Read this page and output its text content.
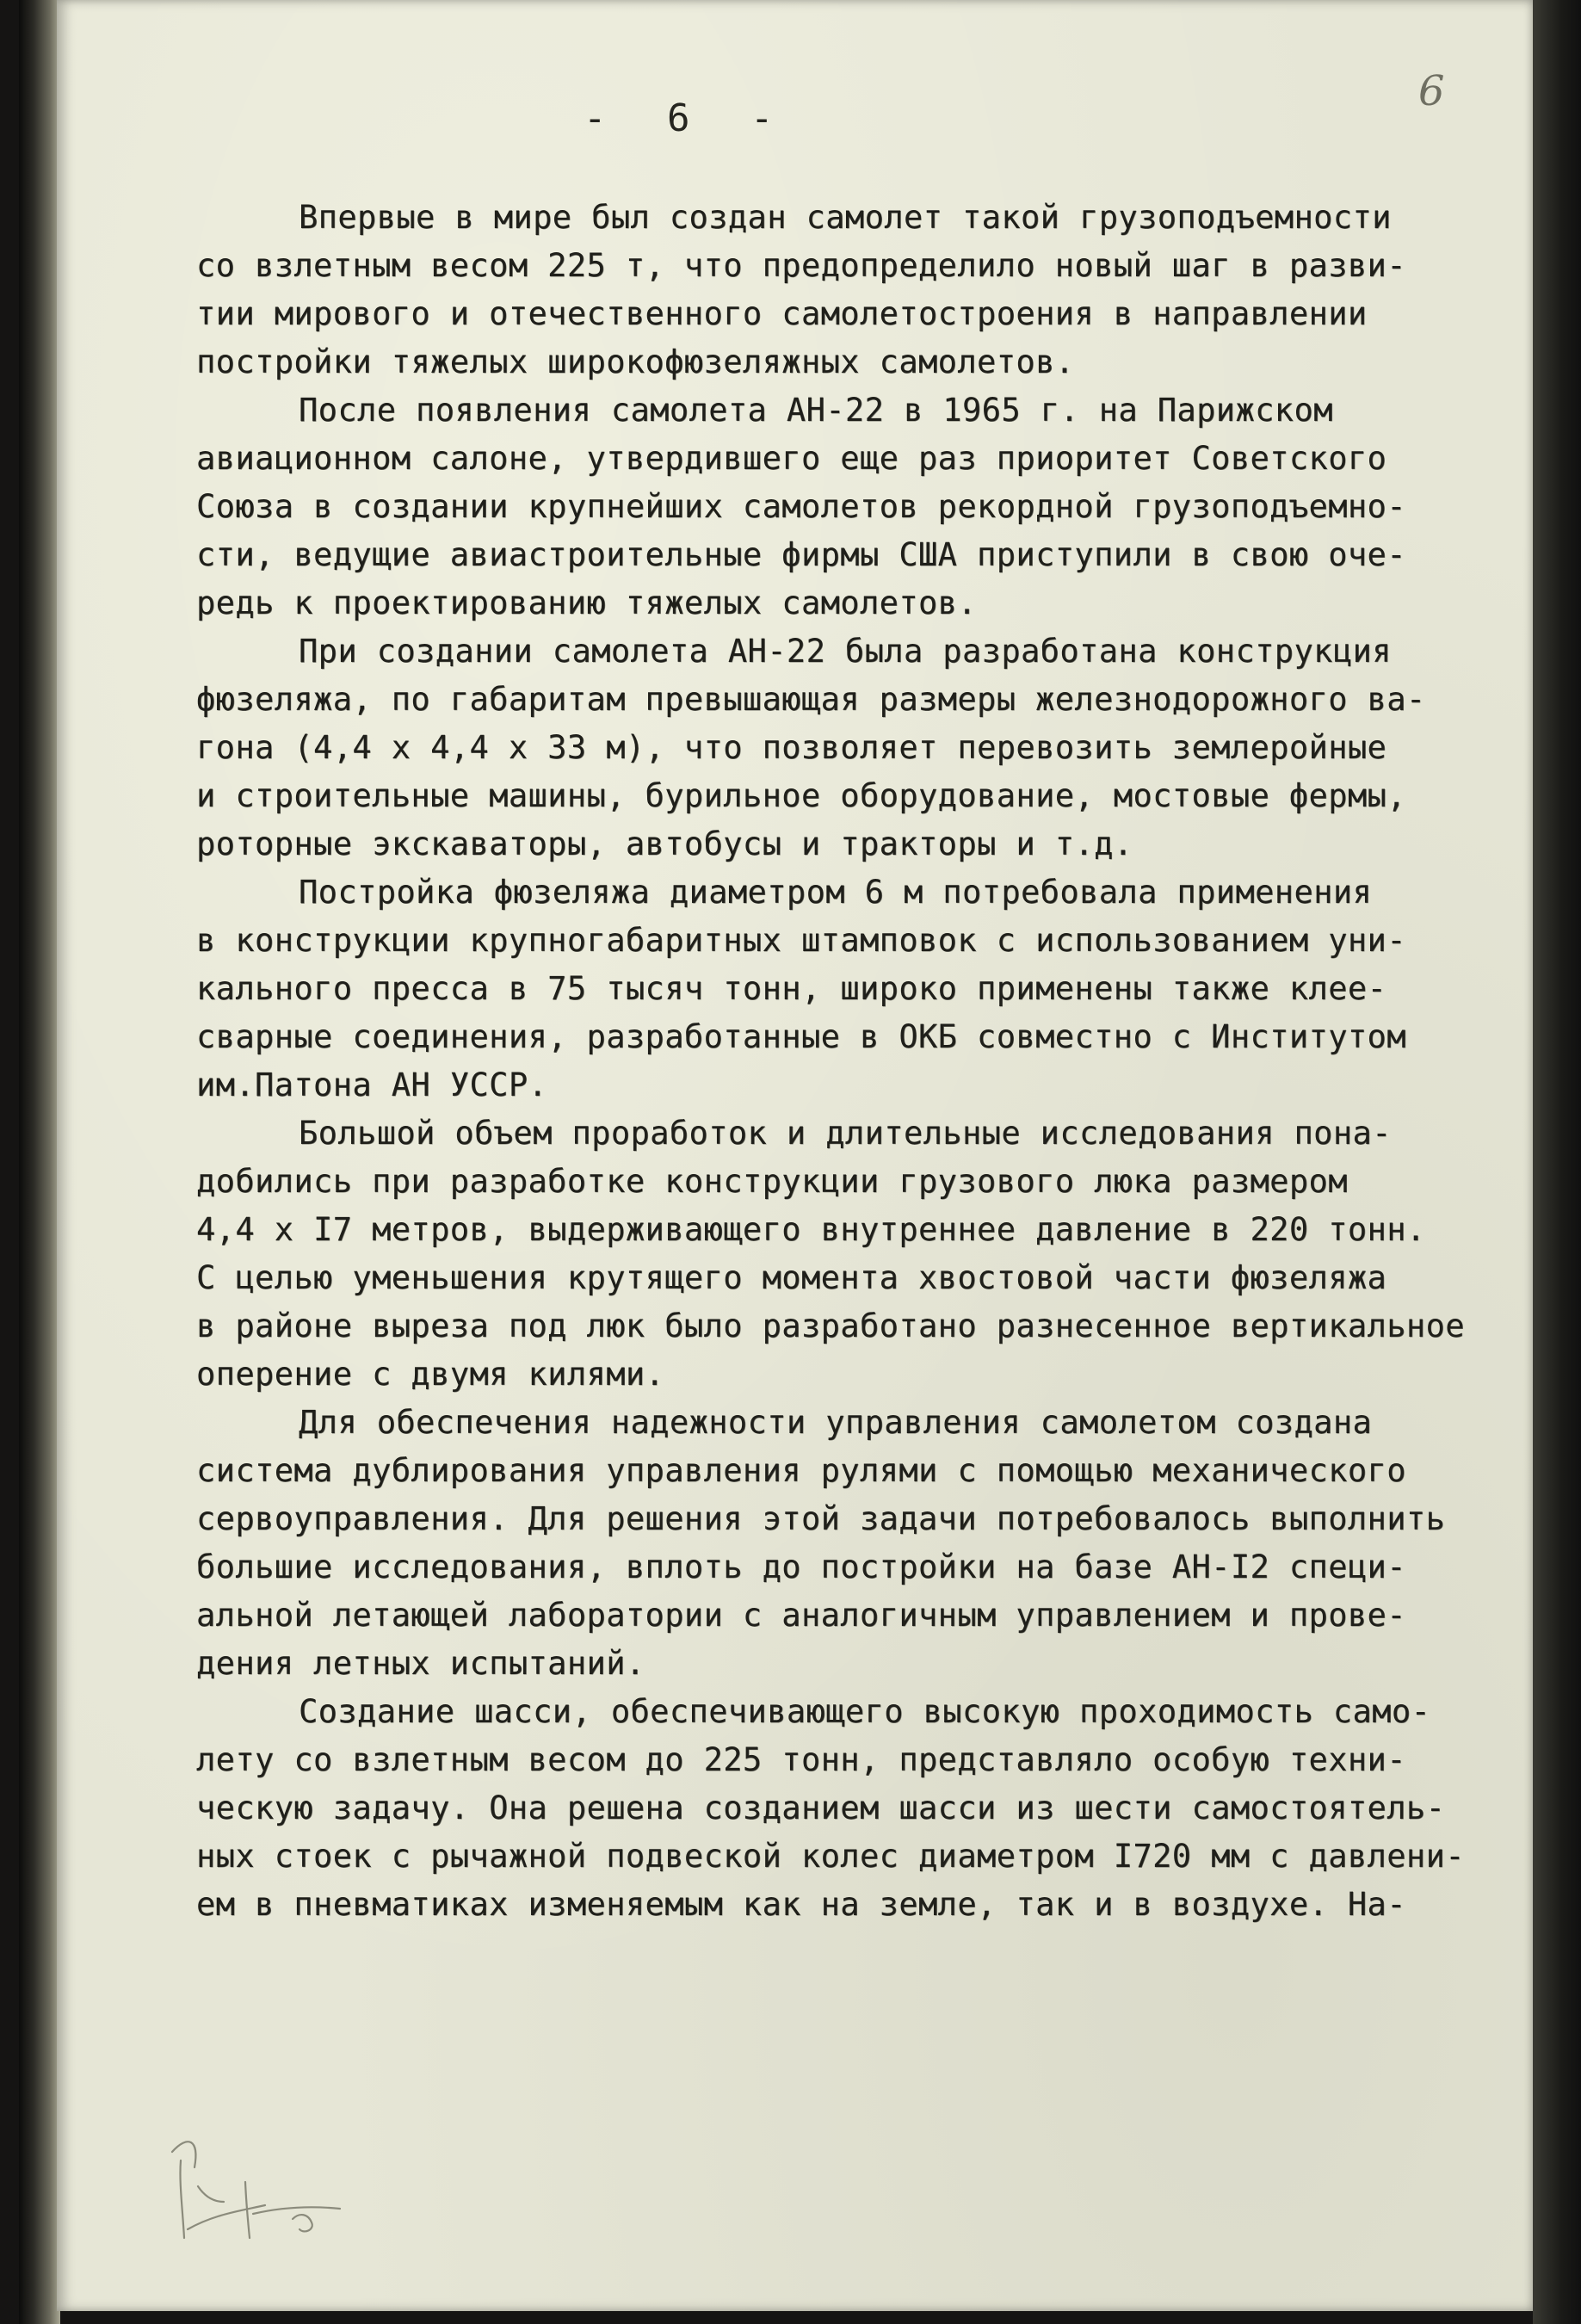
- 6 -
6
Впервые в мире был создан самолет такой грузоподъемности
со взлетным весом 225 т, что предопределило новый шаг в разви-
тии мирового и отечественного самолетостроения в направлении
постройки тяжелых широкофюзеляжных самолетов.
После появления самолета АН-22 в 1965 г. на Парижском
авиационном салоне, утвердившего еще раз приоритет Советского
Союза в создании крупнейших самолетов рекордной грузоподъемно-
сти, ведущие авиастроительные фирмы США приступили в свою оче-
редь к проектированию тяжелых самолетов.
При создании самолета АН-22 была разработана конструкция
фюзеляжа, по габаритам превышающая размеры железнодорожного ва-
гона (4,4 х 4,4 х 33 м), что позволяет перевозить землеройные
и строительные машины, бурильное оборудование, мостовые фермы,
роторные экскаваторы, автобусы и тракторы и т.д.
Постройка фюзеляжа диаметром 6 м потребовала применения
в конструкции крупногабаритных штамповок с использованием уни-
кального пресса в 75 тысяч тонн, широко применены также клее-
сварные соединения, разработанные в ОКБ совместно с Институтом
им.Патона АН УССР.
Большой объем проработок и длительные исследования пона-
добились при разработке конструкции грузового люка размером
4,4 х I7 метров, выдерживающего внутреннее давление в 220 тонн.
С целью уменьшения крутящего момента хвостовой части фюзеляжа
в районе выреза под люк было разработано разнесенное вертикальное
оперение с двумя килями.
Для обеспечения надежности управления самолетом создана
система дублирования управления рулями с помощью механического
сервоуправления. Для решения этой задачи потребовалось выполнить
большие исследования, вплоть до постройки на базе АН-I2 специ-
альной летающей лаборатории с аналогичным управлением и прове-
дения летных испытаний.
Создание шасси, обеспечивающего высокую проходимость само-
лету со взлетным весом до 225 тонн, представляло особую техни-
ческую задачу. Она решена созданием шасси из шести самостоятель-
ных стоек с рычажной подвеской колес диаметром I720 мм с давлени-
ем в пневматиках изменяемым как на земле, так и в воздухе. На-
